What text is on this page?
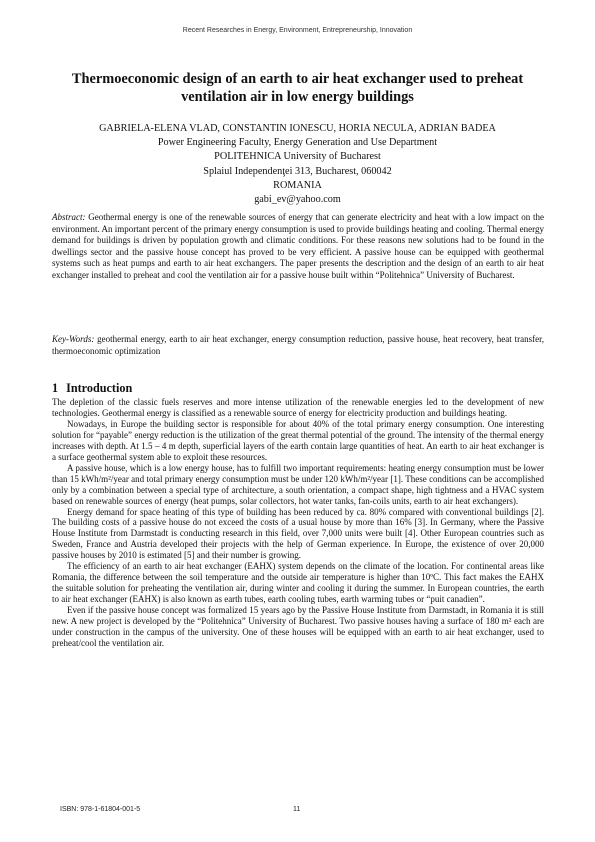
Recent Researches in Energy, Environment, Entrepreneurship, Innovation
Thermoeconomic design of an earth to air heat exchanger used to preheat ventilation air in low energy buildings
GABRIELA-ELENA VLAD, CONSTANTIN IONESCU, HORIA NECULA, ADRIAN BADEA
Power Engineering Faculty, Energy Generation and Use Department
POLITEHNICA University of Bucharest
Splaiul Independenţei 313, Bucharest, 060042
ROMANIA
gabi_ev@yahoo.com

Abstract: Geothermal energy is one of the renewable sources of energy that can generate electricity and heat with a low impact on the environment. An important percent of the primary energy consumption is used to provide buildings heating and cooling. Thermal energy demand for buildings is driven by population growth and climatic conditions. For these reasons new solutions had to be found in the dwellings sector and the passive house concept has proved to be very efficient. A passive house can be equipped with geothermal systems such as heat pumps and earth to air heat exchangers. The paper presents the description and the design of an earth to air heat exchanger installed to preheat and cool the ventilation air for a passive house built within “Politehnica” University of Bucharest.

Key-Words: geothermal energy, earth to air heat exchanger, energy consumption reduction, passive house, heat recovery, heat transfer, thermoeconomic optimization

1 Introduction

The depletion of the classic fuels reserves and more intense utilization of the renewable energies led to the development of new technologies. Geothermal energy is classified as a renewable source of energy for electricity production and buildings heating.

Nowadays, in Europe the building sector is responsible for about 40% of the total primary energy consumption. One interesting solution for “payable” energy reduction is the utilization of the great thermal potential of the ground. The intensity of the thermal energy increases with depth. At 1.5 – 4 m depth, superficial layers of the earth contain large quantities of heat. An earth to air heat exchanger is a surface geothermal system able to exploit these resources.

A passive house, which is a low energy house, has to fulfill two important requirements: heating energy consumption must be lower than 15 kWh/m²/year and total primary energy consumption must be under 120 kWh/m²/year [1]. These conditions can be accomplished only by a combination between a special type of architecture, a south orientation, a compact shape, high tightness and a HVAC system based on renewable sources of energy (heat pumps, solar collectors, hot water tanks, fan-coils units, earth to air heat exchangers).

Energy demand for space heating of this type of building has been reduced by ca. 80% compared with conventional buildings [2]. The building costs of a passive house do not exceed the costs of a usual house by more than 16% [3]. In Germany, where the Passive House Institute from Darmstadt is conducting research in this field, over 7,000 units were built [4]. Other European countries such as Sweden, France and Austria developed their projects with the help of German experience. In Europe, the existence of over 20,000 passive houses by 2010 is estimated [5] and their number is growing.

The efficiency of an earth to air heat exchanger (EAHX) system depends on the climate of the location. For continental areas like Romania, the difference between the soil temperature and the outside air temperature is higher than 10ºC. This fact makes the EAHX the suitable solution for preheating the ventilation air, during winter and cooling it during the summer. In European countries, the earth to air heat exchanger (EAHX) is also known as earth tubes, earth cooling tubes, earth warming tubes or “puit canadien”.

Even if the passive house concept was formalized 15 years ago by the Passive House Institute from Darmstadt, in Romania it is still new. A new project is developed by the “Politehnica” University of Bucharest. Two passive houses having a surface of 180 m² each are under construction in the campus of the university. One of these houses will be equipped with an earth to air heat exchanger, used to preheat/cool the ventilation air.

ISBN: 978-1-61804-001-5	11
